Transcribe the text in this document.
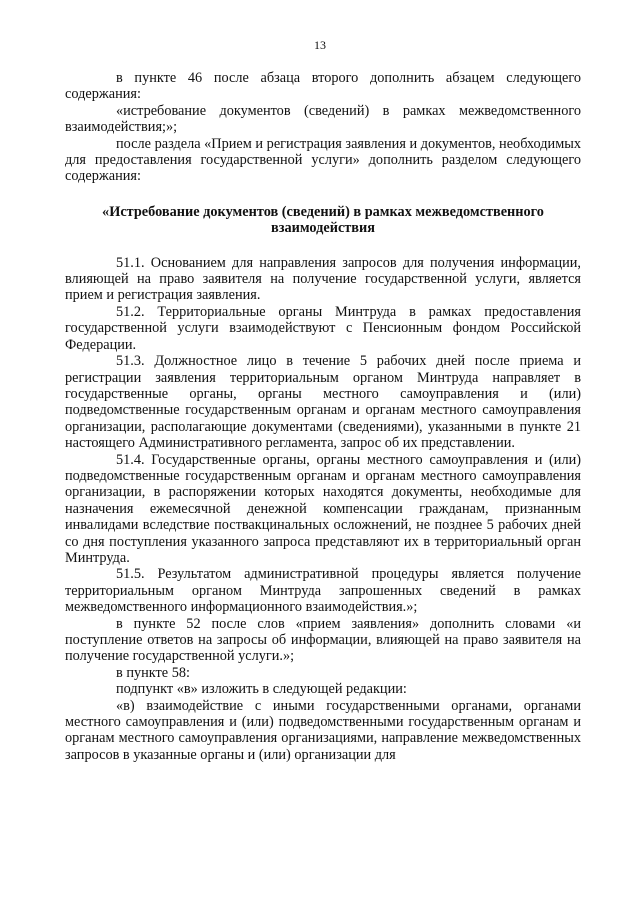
13

в пункте 46 после абзаца второго дополнить абзацем следующего содержания:

«истребование документов (сведений) в рамках межведомственного взаимодействия;»;

после раздела «Прием и регистрация заявления и документов, необходимых для предоставления государственной услуги» дополнить разделом следующего содержания:

«Истребование документов (сведений) в рамках межведомственного взаимодействия

51.1. Основанием для направления запросов для получения информации, влияющей на право заявителя на получение государственной услуги, является прием и регистрация заявления.

51.2. Территориальные органы Минтруда в рамках предоставления государственной услуги взаимодействуют с Пенсионным фондом Российской Федерации.

51.3. Должностное лицо в течение 5 рабочих дней после приема и регистрации заявления территориальным органом Минтруда направляет в государственные органы, органы местного самоуправления и (или) подведомственные государственным органам и органам местного самоуправления организации, располагающие документами (сведениями), указанными в пункте 21 настоящего Административного регламента, запрос об их представлении.

51.4. Государственные органы, органы местного самоуправления и (или) подведомственные государственным органам и органам местного самоуправления организации, в распоряжении которых находятся документы, необходимые для назначения ежемесячной денежной компенсации гражданам, признанным инвалидами вследствие поствакцинальных осложнений, не позднее 5 рабочих дней со дня поступления указанного запроса представляют их в территориальный орган Минтруда.

51.5. Результатом административной процедуры является получение территориальным органом Минтруда запрошенных сведений в рамках межведомственного информационного взаимодействия.»;

в пункте 52 после слов «прием заявления» дополнить словами «и поступление ответов на запросы об информации, влияющей на право заявителя на получение государственной услуги.»;

в пункте 58:

подпункт «в» изложить в следующей редакции:

«в) взаимодействие с иными государственными органами, органами местного самоуправления и (или) подведомственными государственным органам и органам местного самоуправления организациями, направление межведомственных запросов в указанные органы и (или) организации для
